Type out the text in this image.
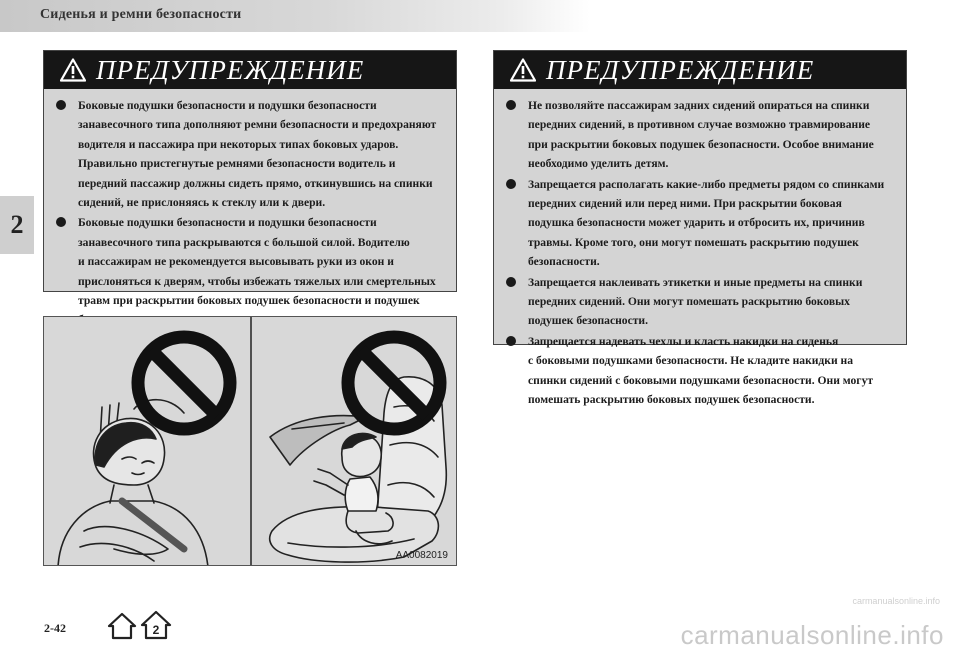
Сиденья и ремни безопасности
2
ПРЕДУПРЕЖДЕНИЕ
Боковые подушки безопасности и подушки безопасности
занавесочного типа дополняют ремни безопасности и предохраняют
водителя и пассажира при некоторых типах боковых ударов.
Правильно пристегнутые ремнями безопасности водитель и
передний пассажир должны сидеть прямо, откинувшись на спинки
сидений, не прислоняясь к стеклу или к двери.
Боковые подушки безопасности и подушки безопасности
занавесочного типа раскрываются с большой силой. Водителю
и пассажирам не рекомендуется высовывать руки из окон и
прислоняться к дверям, чтобы избежать тяжелых или смертельных
травм при раскрытии боковых подушек безопасности и подушек
ПРЕДУПРЕЖДЕНИЕ
Не позволяйте пассажирам задних сидений опираться на спинки
передних сидений, в противном случае возможно травмирование
при раскрытии боковых подушек безопасности. Особое внимание
необходимо уделить детям.
Запрещается располагать какие-либо предметы рядом со спинками
передних сидений или перед ними. При раскрытии боковая
подушка безопасности может ударить и отбросить их, причинив
травмы. Кроме того, они могут помешать раскрытию подушек
безопасности.
Запрещается наклеивать этикетки и иные предметы на спинки
передних сидений. Они могут помешать раскрытию боковых
подушек безопасности.
Запрещается надевать чехлы и класть накидки на сиденья
с боковыми подушками безопасности. Не кладите накидки на
спинки сидений с боковыми подушками безопасности. Они могут
помешать раскрытию боковых подушек безопасности.
AA0082019
2-42	2
carmanualsonline.info
carmanualsonline.info
